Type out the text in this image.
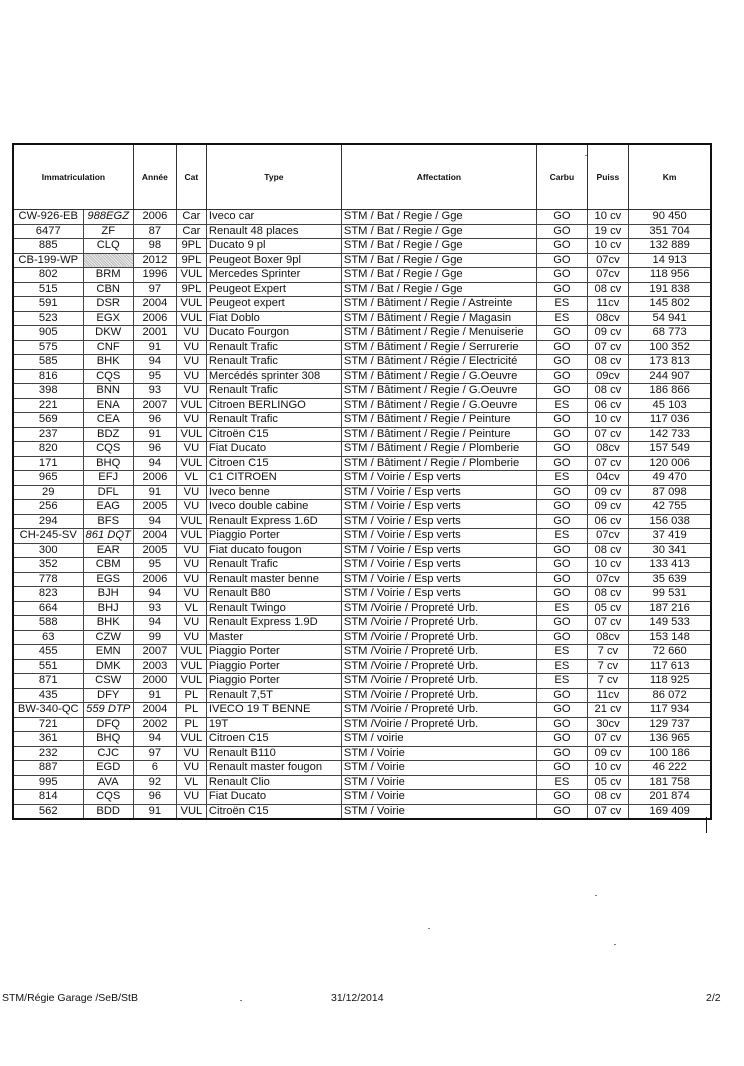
Immatriculation		Année	Cat	Type	Affectation	Carbu	Puiss	Km
CW-926-EB	988EGZ	2006	Car	Iveco car	STM / Bat / Regie / Gge	GO	10 cv	90 450
6477	ZF	87	Car	Renault 48 places	STM / Bat / Regie / Gge	GO	19 cv	351 704
885	CLQ	98	9PL	Ducato 9 pl	STM / Bat / Regie / Gge	GO	10 cv	132 889
CB-199-WP		2012	9PL	Peugeot Boxer 9pl	STM / Bat / Regie / Gge	GO	07cv	14 913
802	BRM	1996	VUL	Mercedes Sprinter	STM / Bat / Regie / Gge	GO	07cv	118 956
515	CBN	97	9PL	Peugeot Expert	STM / Bat / Regie / Gge	GO	08 cv	191 838
591	DSR	2004	VUL	Peugeot expert	STM / Bâtiment / Regie / Astreinte	ES	11cv	145 802
523	EGX	2006	VUL	Fiat Doblo	STM / Bâtiment / Regie / Magasin	ES	08cv	54 941
905	DKW	2001	VU	Ducato Fourgon	STM / Bâtiment / Regie / Menuiserie	GO	09 cv	68 773
575	CNF	91	VU	Renault Trafic	STM / Bâtiment / Regie / Serrurerie	GO	07 cv	100 352
585	BHK	94	VU	Renault Trafic	STM / Bâtiment / Régie / Electricité	GO	08 cv	173 813
816	CQS	95	VU	Mercédés sprinter 308	STM / Bâtiment / Regie / G.Oeuvre	GO	09cv	244 907
398	BNN	93	VU	Renault Trafic	STM / Bâtiment / Regie / G.Oeuvre	GO	08 cv	186 866
221	ENA	2007	VUL	Citroen BERLINGO	STM / Bâtiment / Regie / G.Oeuvre	ES	06 cv	45 103
569	CEA	96	VU	Renault Trafic	STM / Bâtiment / Regie / Peinture	GO	10 cv	117 036
237	BDZ	91	VUL	Citroën C15	STM / Bâtiment / Regie / Peinture	GO	07 cv	142 733
820	CQS	96	VU	Fiat Ducato	STM / Bâtiment / Regie / Plomberie	GO	08cv	157 549
171	BHQ	94	VUL	Citroen C15	STM / Bâtiment / Regie / Plomberie	GO	07 cv	120 006
965	EFJ	2006	VL	C1 CITROEN	STM / Voirie / Esp verts	ES	04cv	49 470
29	DFL	91	VU	Iveco benne	STM / Voirie / Esp verts	GO	09 cv	87 098
256	EAG	2005	VU	Iveco double cabine	STM / Voirie / Esp verts	GO	09 cv	42 755
294	BFS	94	VUL	Renault Express 1.6D	STM / Voirie / Esp verts	GO	06 cv	156 038
CH-245-SV	861 DQT	2004	VUL	Piaggio Porter	STM / Voirie / Esp verts	ES	07cv	37 419
300	EAR	2005	VU	Fiat ducato fougon	STM / Voirie / Esp verts	GO	08 cv	30 341
352	CBM	95	VU	Renault Trafic	STM / Voirie / Esp verts	GO	10 cv	133 413
778	EGS	2006	VU	Renault master benne	STM / Voirie / Esp verts	GO	07cv	35 639
823	BJH	94	VU	Renault B80	STM / Voirie / Esp verts	GO	08 cv	99 531
664	BHJ	93	VL	Renault Twingo	STM /Voirie / Propreté Urb.	ES	05 cv	187 216
588	BHK	94	VU	Renault Express 1.9D	STM /Voirie / Propreté Urb.	GO	07 cv	149 533
63	CZW	99	VU	Master	STM /Voirie / Propreté Urb.	GO	08cv	153 148
455	EMN	2007	VUL	Piaggio Porter	STM /Voirie / Propreté Urb.	ES	7 cv	72 660
551	DMK	2003	VUL	Piaggio Porter	STM /Voirie / Propreté Urb.	ES	7 cv	117 613
871	CSW	2000	VUL	Piaggio Porter	STM /Voirie / Propreté Urb.	ES	7 cv	118 925
435	DFY	91	PL	Renault 7,5T	STM /Voirie / Propreté Urb.	GO	11cv	86 072
BW-340-QC	559 DTP	2004	PL	IVECO 19 T BENNE	STM /Voirie / Propreté Urb.	GO	21 cv	117 934
721	DFQ	2002	PL	19T	STM /Voirie / Propreté Urb.	GO	30cv	129 737
361	BHQ	94	VUL	Citroen C15	STM / voirie	GO	07 cv	136 965
232	CJC	97	VU	Renault B110	STM / Voirie	GO	09 cv	100 186
887	EGD	6	VU	Renault master fougon	STM / Voirie	GO	10 cv	46 222
995	AVA	92	VL	Renault Clio	STM / Voirie	ES	05 cv	181 758
814	CQS	96	VU	Fiat Ducato	STM / Voirie	GO	08 cv	201 874
562	BDD	91	VUL	Citroën C15	STM / Voirie	GO	07 cv	169 409
STM/Régie Garage /SeB/StB	31/12/2014	2/2
